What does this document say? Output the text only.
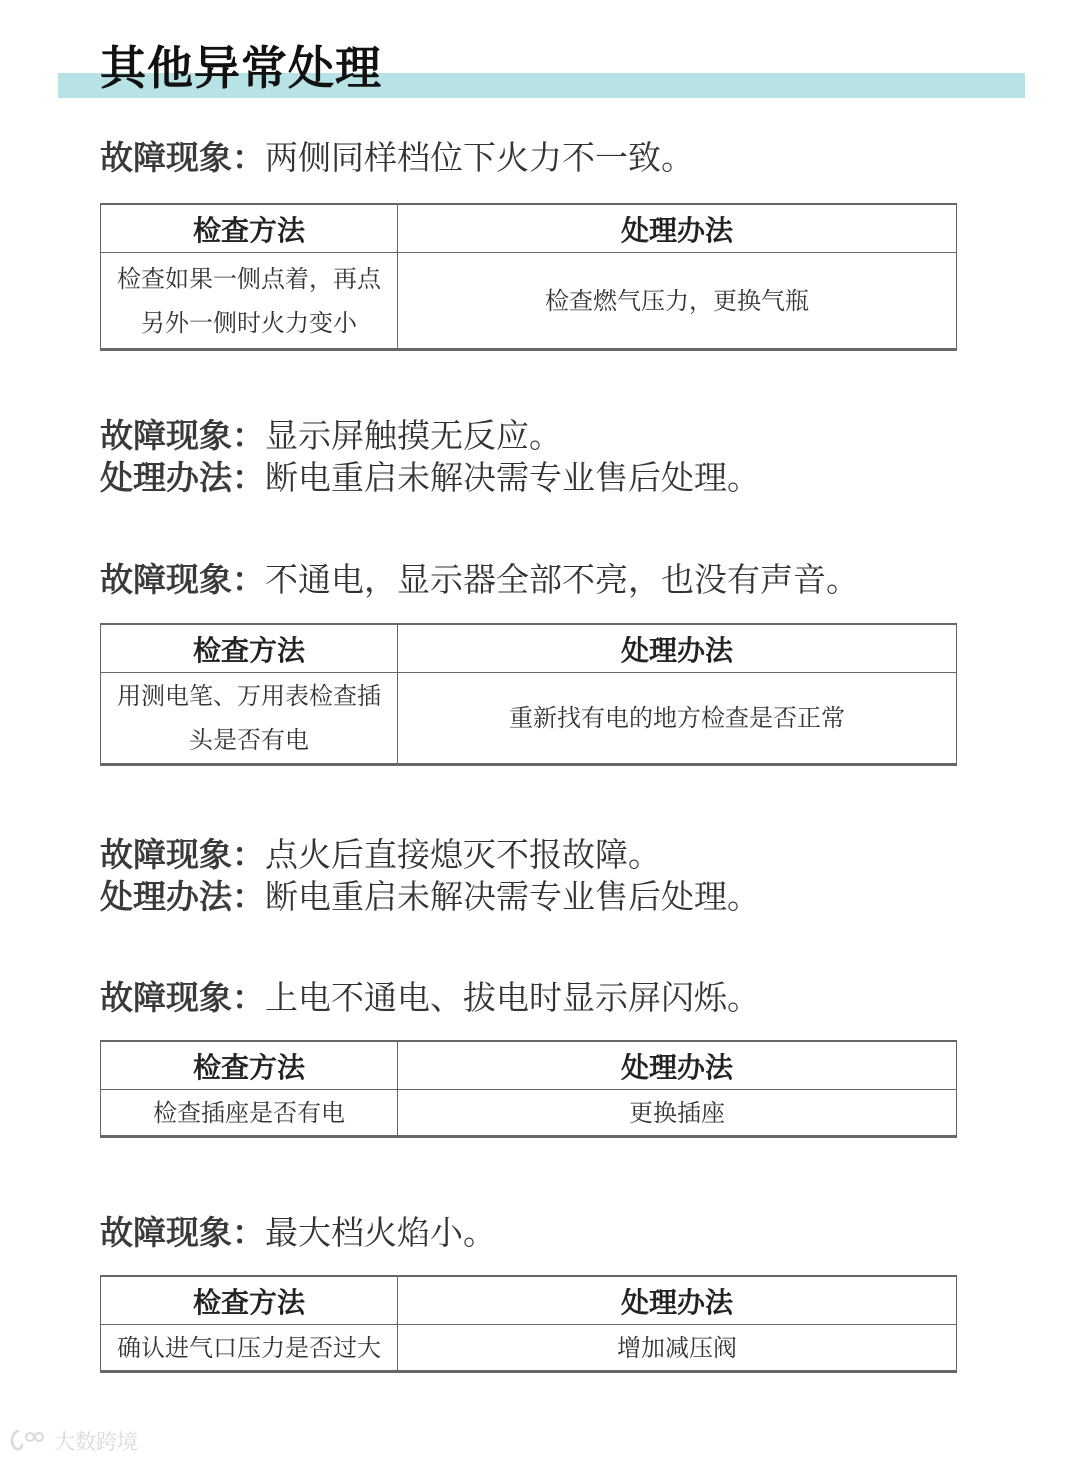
其他异常处理
故障现象：两侧同样档位下火力不一致。
检查方法	处理办法

检查如果一侧点着，再点
另外一侧时火力变小	检查燃气压力，更换气瓶
故障现象：显示屏触摸无反应。
处理办法：断电重启未解决需专业售后处理。
故障现象：不通电，显示器全部不亮，也没有声音。
检查方法	处理办法

用测电笔、万用表检查插
头是否有电	重新找有电的地方检查是否正常
故障现象：点火后直接熄灭不报故障。
处理办法：断电重启未解决需专业售后处理。
故障现象：上电不通电、拔电时显示屏闪烁。
检查方法	处理办法
检查插座是否有电	更换插座
故障现象：最大档火焰小。
检查方法	处理办法
确认进气口压力是否过大	增加减压阀
大数跨境
